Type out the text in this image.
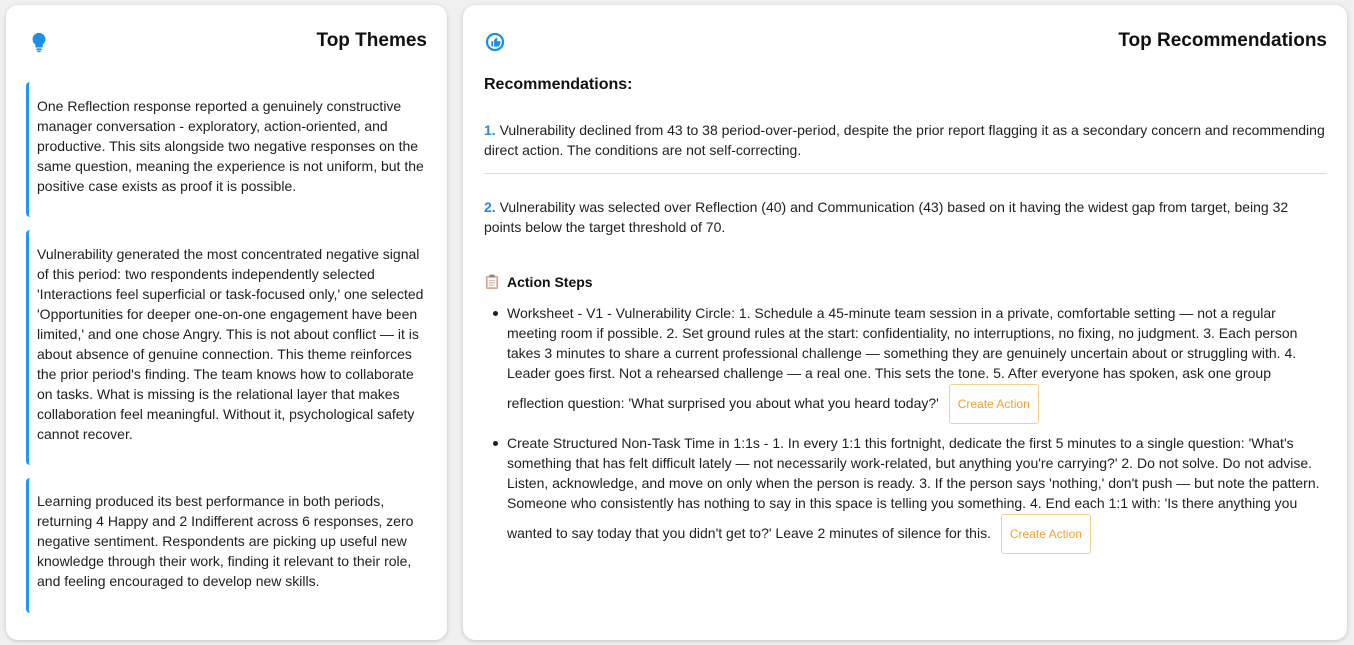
Top Themes
One Reflection response reported a genuinely constructive manager conversation - exploratory, action-oriented, and productive. This sits alongside two negative responses on the same question, meaning the experience is not uniform, but the positive case exists as proof it is possible.
Vulnerability generated the most concentrated negative signal of this period: two respondents independently selected 'Interactions feel superficial or task-focused only,' one selected 'Opportunities for deeper one-on-one engagement have been limited,' and one chose Angry. This is not about conflict — it is about absence of genuine connection. This theme reinforces the prior period's finding. The team knows how to collaborate on tasks. What is missing is the relational layer that makes collaboration feel meaningful. Without it, psychological safety cannot recover.
Learning produced its best performance in both periods, returning 4 Happy and 2 Indifferent across 6 responses, zero negative sentiment. Respondents are picking up useful new knowledge through their work, finding it relevant to their role, and feeling encouraged to develop new skills.
Top Recommendations
Recommendations:
1. Vulnerability declined from 43 to 38 period-over-period, despite the prior report flagging it as a secondary concern and recommending direct action. The conditions are not self-correcting.
2. Vulnerability was selected over Reflection (40) and Communication (43) based on it having the widest gap from target, being 32 points below the target threshold of 70.
Action Steps
Worksheet - V1 - Vulnerability Circle: 1. Schedule a 45-minute team session in a private, comfortable setting — not a regular meeting room if possible. 2. Set ground rules at the start: confidentiality, no interruptions, no fixing, no judgment. 3. Each person takes 3 minutes to share a current professional challenge — something they are genuinely uncertain about or struggling with. 4. Leader goes first. Not a rehearsed challenge — a real one. This sets the tone. 5. After everyone has spoken, ask one group
reflection question: 'What surprised you about what you heard today?' Create Action
Create Structured Non-Task Time in 1:1s - 1. In every 1:1 this fortnight, dedicate the first 5 minutes to a single question: 'What's something that has felt difficult lately — not necessarily work-related, but anything you're carrying?' 2. Do not solve. Do not advise. Listen, acknowledge, and move on only when the person is ready. 3. If the person says 'nothing,' don't push — but note the pattern. Someone who consistently has nothing to say in this space is telling you something. 4. End each 1:1 with: 'Is there anything you
wanted to say today that you didn't get to?' Leave 2 minutes of silence for this. Create Action
